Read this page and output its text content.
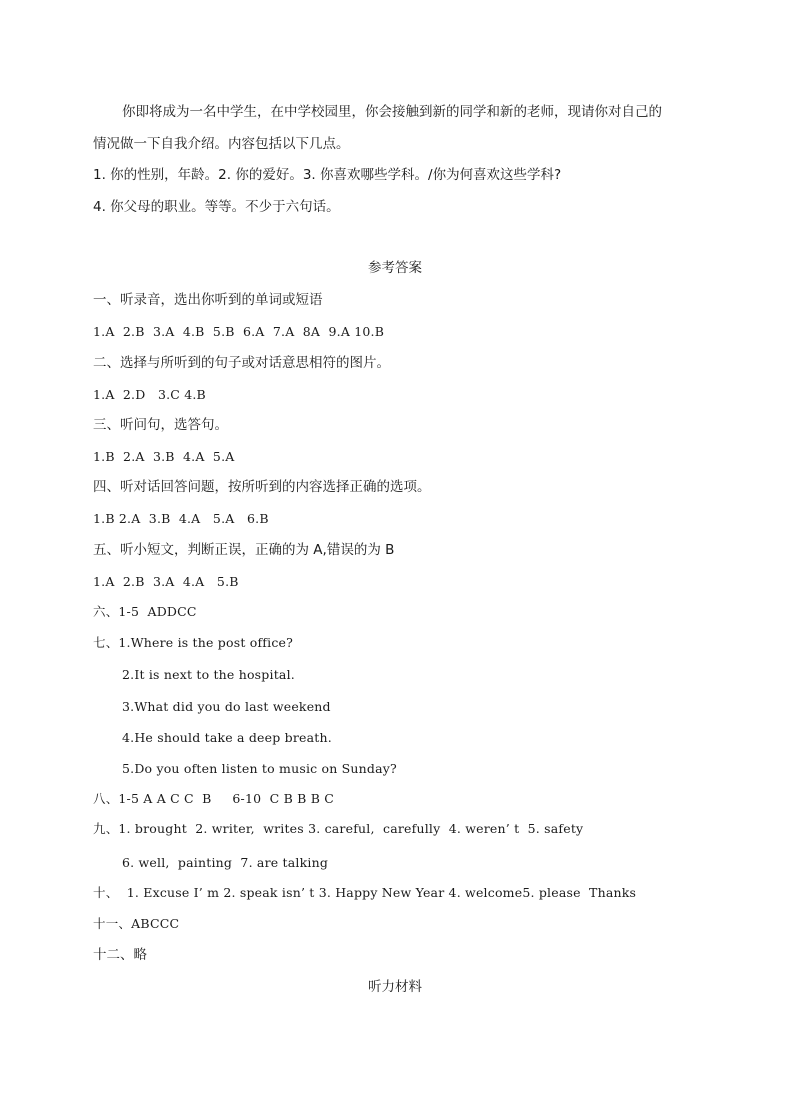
你即将成为一名中学生，在中学校园里，你会接触到新的同学和新的老师，现请你对自己的
情况做一下自我介绍。内容包括以下几点。
1. 你的性别，年龄。2. 你的爱好。3. 你喜欢哪些学科。/你为何喜欢这些学科?
4. 你父母的职业。等等。不少于六句话。
参考答案
一、听录音，选出你听到的单词或短语
1.A  2.B  3.A  4.B  5.B  6.A  7.A  8A  9.A 10.B
二、选择与所听到的句子或对话意思相符的图片。
1.A  2.D   3.C 4.B
三、听问句，选答句。
1.B  2.A  3.B  4.A  5.A
四、听对话回答问题，按所听到的内容选择正确的选项。
1.B 2.A  3.B  4.A   5.A   6.B
五、听小短文，判断正误，正确的为 A,错误的为 B
1.A  2.B  3.A  4.A   5.B
六、1-5  ADDCC
七、1.Where is the post office?
2.It is next to the hospital.
3.What did you do last weekend
4.He should take a deep breath.
5.Do you often listen to music on Sunday?
八、1-5 A A C C  B     6-10  C B B B C
九、1. brought  2. writer,  writes 3. careful,  carefully  4. weren’ t  5. safety
6. well,  painting  7. are talking
十、  1. Excuse I’ m 2. speak isn’ t 3. Happy New Year 4. welcome5. please  Thanks
十一、ABCCC
十二、略
听力材料
